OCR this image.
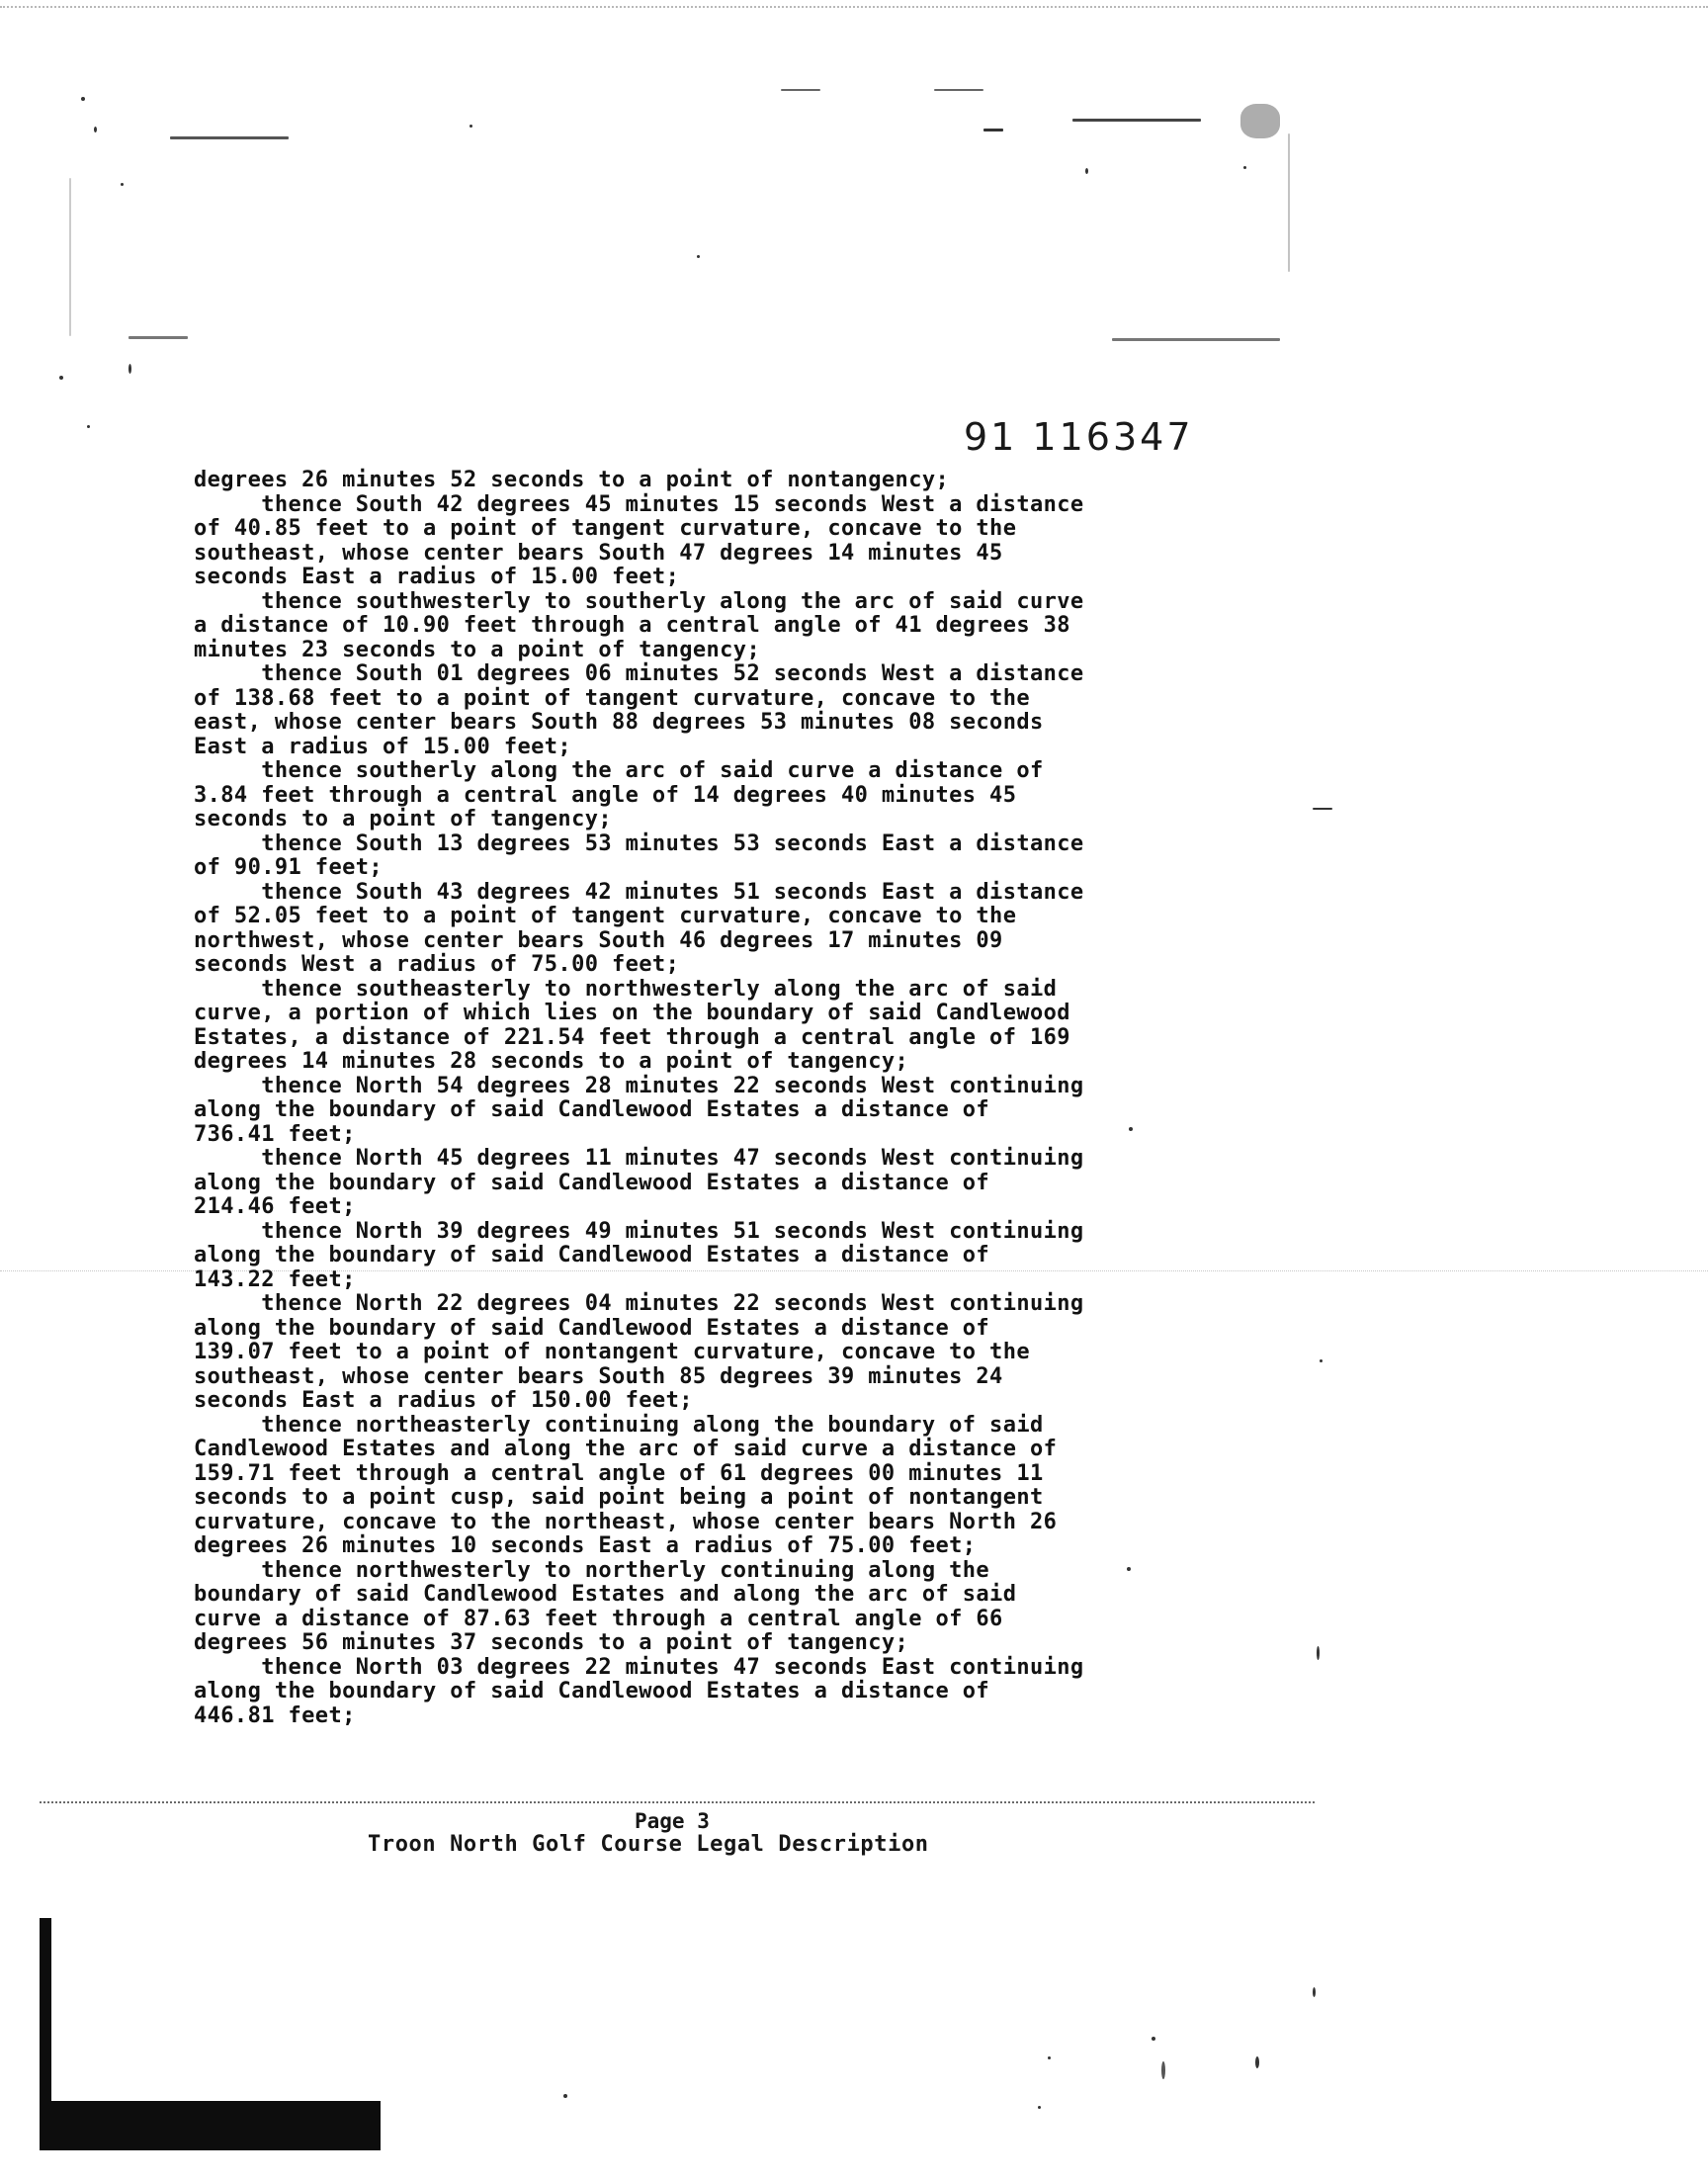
91 116347
degrees 26 minutes 52 seconds to a point of nontangency;
thence South 42 degrees 45 minutes 15 seconds West a distance
of 40.85 feet to a point of tangent curvature, concave to the
southeast, whose center bears South 47 degrees 14 minutes 45
seconds East a radius of 15.00 feet;
thence southwesterly to southerly along the arc of said curve
a distance of 10.90 feet through a central angle of 41 degrees 38
minutes 23 seconds to a point of tangency;
thence South 01 degrees 06 minutes 52 seconds West a distance
of 138.68 feet to a point of tangent curvature, concave to the
east, whose center bears South 88 degrees 53 minutes 08 seconds
East a radius of 15.00 feet;
thence southerly along the arc of said curve a distance of
3.84 feet through a central angle of 14 degrees 40 minutes 45
seconds to a point of tangency;
thence South 13 degrees 53 minutes 53 seconds East a distance
of 90.91 feet;
thence South 43 degrees 42 minutes 51 seconds East a distance
of 52.05 feet to a point of tangent curvature, concave to the
northwest, whose center bears South 46 degrees 17 minutes 09
seconds West a radius of 75.00 feet;
thence southeasterly to northwesterly along the arc of said
curve, a portion of which lies on the boundary of said Candlewood
Estates, a distance of 221.54 feet through a central angle of 169
degrees 14 minutes 28 seconds to a point of tangency;
thence North 54 degrees 28 minutes 22 seconds West continuing
along the boundary of said Candlewood Estates a distance of
736.41 feet;
thence North 45 degrees 11 minutes 47 seconds West continuing
along the boundary of said Candlewood Estates a distance of
214.46 feet;
thence North 39 degrees 49 minutes 51 seconds West continuing
along the boundary of said Candlewood Estates a distance of
143.22 feet;
thence North 22 degrees 04 minutes 22 seconds West continuing
along the boundary of said Candlewood Estates a distance of
139.07 feet to a point of nontangent curvature, concave to the
southeast, whose center bears South 85 degrees 39 minutes 24
seconds East a radius of 150.00 feet;
thence northeasterly continuing along the boundary of said
Candlewood Estates and along the arc of said curve a distance of
159.71 feet through a central angle of 61 degrees 00 minutes 11
seconds to a point cusp, said point being a point of nontangent
curvature, concave to the northeast, whose center bears North 26
degrees 26 minutes 10 seconds East a radius of 75.00 feet;
thence northwesterly to northerly continuing along the
boundary of said Candlewood Estates and along the arc of said
curve a distance of 87.63 feet through a central angle of 66
degrees 56 minutes 37 seconds to a point of tangency;
thence North 03 degrees 22 minutes 47 seconds East continuing
along the boundary of said Candlewood Estates a distance of
446.81 feet;
Page 3
Troon North Golf Course Legal Description
